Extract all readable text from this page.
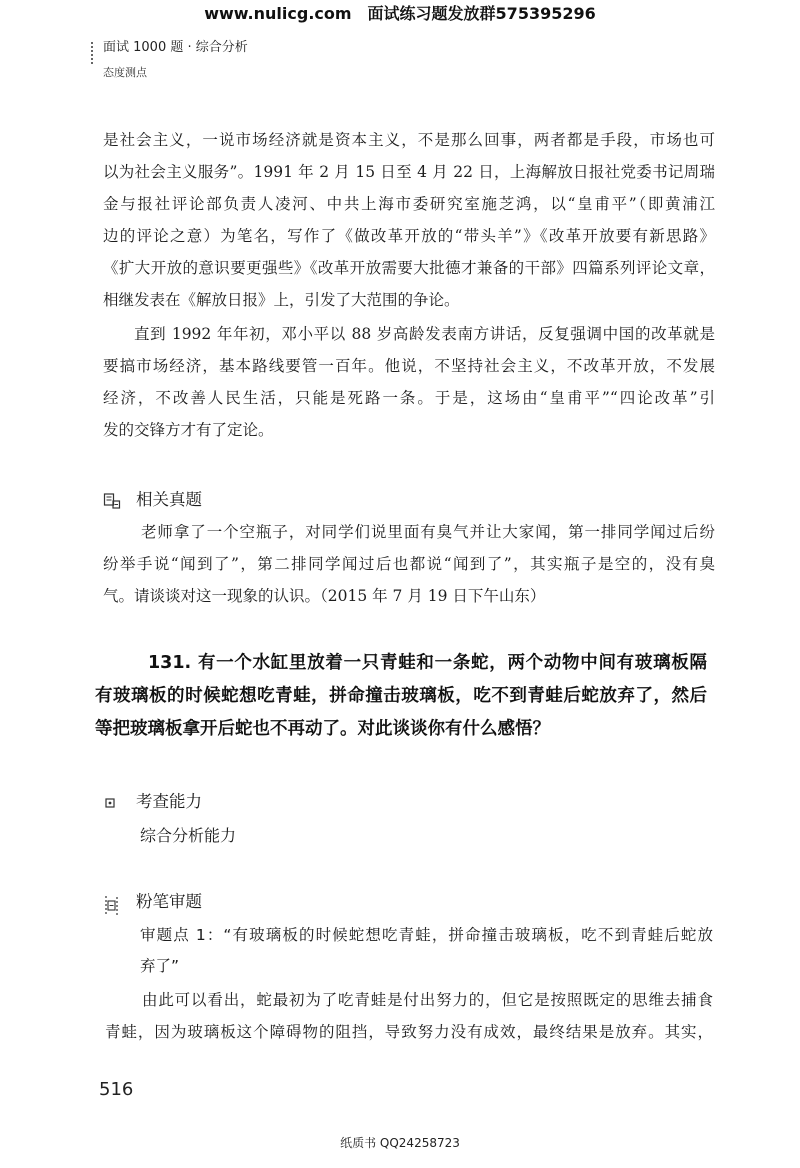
www.nulicg.com 面试练习题发放群575395296
面试 1000 题 · 综合分析
态度测点
是社会主义，一说市场经济就是资本主义，不是那么回事，两者都是手段，市场也可
以为社会主义服务”。1991 年 2 月 15 日至 4 月 22 日，上海解放日报社党委书记周瑞
金与报社评论部负责人凌河、中共上海市委研究室施芝鸿，以“皇甫平”（即黄浦江
边的评论之意）为笔名，写作了《做改革开放的“带头羊”》《改革开放要有新思路》
《扩大开放的意识要更强些》《改革开放需要大批德才兼备的干部》四篇系列评论文章，
相继发表在《解放日报》上，引发了大范围的争论。
直到 1992 年年初，邓小平以 88 岁高龄发表南方讲话，反复强调中国的改革就是
要搞市场经济，基本路线要管一百年。他说，不坚持社会主义，不改革开放，不发展
经济，不改善人民生活，只能是死路一条。于是，这场由“皇甫平”“四论改革”引
发的交锋方才有了定论。
相关真题
老师拿了一个空瓶子，对同学们说里面有臭气并让大家闻，第一排同学闻过后纷
纷举手说“闻到了”，第二排同学闻过后也都说“闻到了”，其实瓶子是空的，没有臭
气。请谈谈对这一现象的认识。（2015 年 7 月 19 日下午山东）
131. 有一个水缸里放着一只青蛙和一条蛇，两个动物中间有玻璃板隔
有玻璃板的时候蛇想吃青蛙，拼命撞击玻璃板，吃不到青蛙后蛇放弃了，然后
等把玻璃板拿开后蛇也不再动了。对此谈谈你有什么感悟？
考查能力
综合分析能力
粉笔审题
审题点 1：“有玻璃板的时候蛇想吃青蛙，拼命撞击玻璃板，吃不到青蛙后蛇放
弃了”
由此可以看出，蛇最初为了吃青蛙是付出努力的，但它是按照既定的思维去捕食
青蛙，因为玻璃板这个障碍物的阻挡，导致努力没有成效，最终结果是放弃。其实，
516
纸质书 QQ24258723
